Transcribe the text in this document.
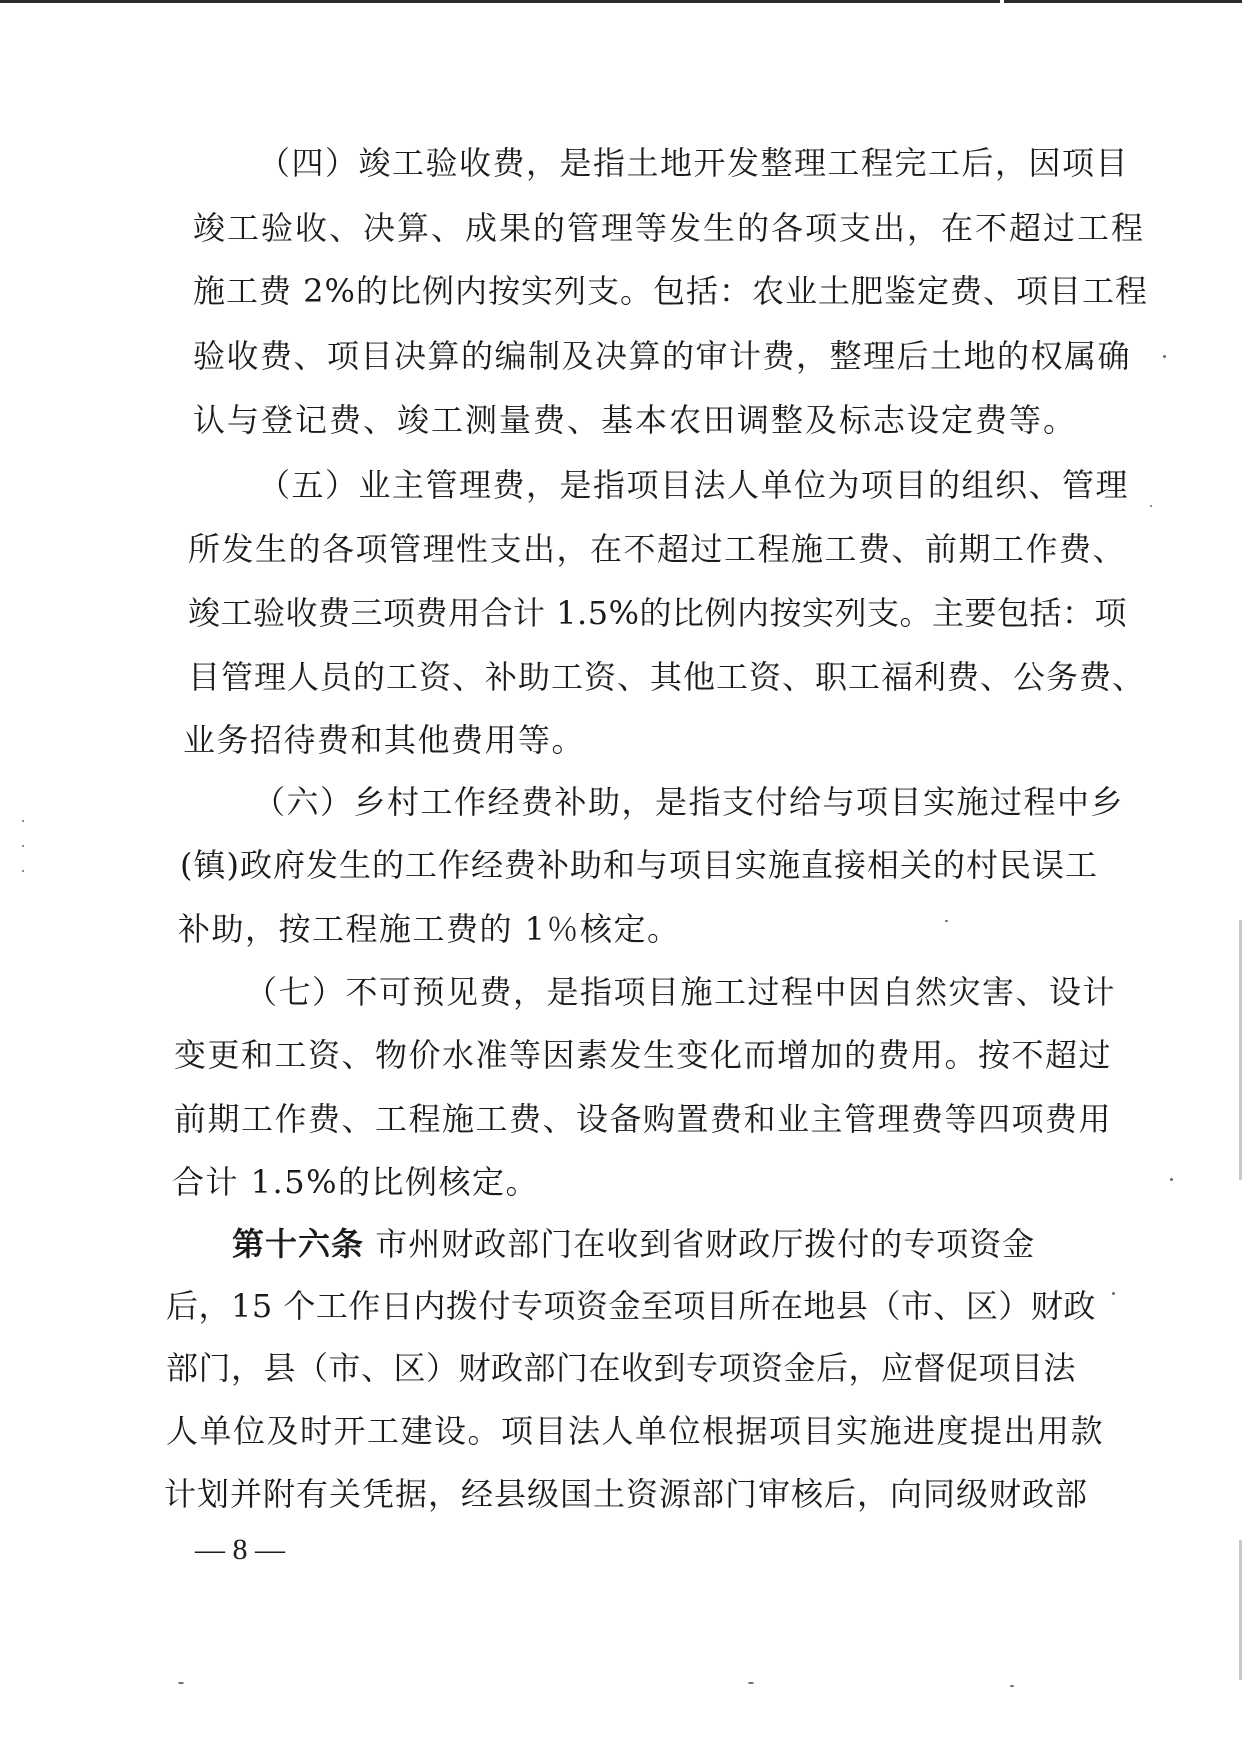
（四）竣工验收费，是指土地开发整理工程完工后，因项目
竣工验收、决算、成果的管理等发生的各项支出，在不超过工程
施工费 2%的比例内按实列支。包括：农业土肥鉴定费、项目工程
验收费、项目决算的编制及决算的审计费，整理后土地的权属确
认与登记费、竣工测量费、基本农田调整及标志设定费等。
（五）业主管理费，是指项目法人单位为项目的组织、管理
所发生的各项管理性支出，在不超过工程施工费、前期工作费、
竣工验收费三项费用合计 1.5%的比例内按实列支。主要包括：项
目管理人员的工资、补助工资、其他工资、职工福利费、公务费、
业务招待费和其他费用等。
（六）乡村工作经费补助，是指支付给与项目实施过程中乡
(镇)政府发生的工作经费补助和与项目实施直接相关的村民误工
补助，按工程施工费的 1％核定。
（七）不可预见费，是指项目施工过程中因自然灾害、设计
变更和工资、物价水准等因素发生变化而增加的费用。按不超过
前期工作费、工程施工费、设备购置费和业主管理费等四项费用
合计 1.5%的比例核定。
第十六条 市州财政部门在收到省财政厅拨付的专项资金
后，15 个工作日内拨付专项资金至项目所在地县（市、区）财政
部门，县（市、区）财政部门在收到专项资金后，应督促项目法
人单位及时开工建设。项目法人单位根据项目实施进度提出用款
计划并附有关凭据，经县级国土资源部门审核后，向同级财政部
— 8 —
